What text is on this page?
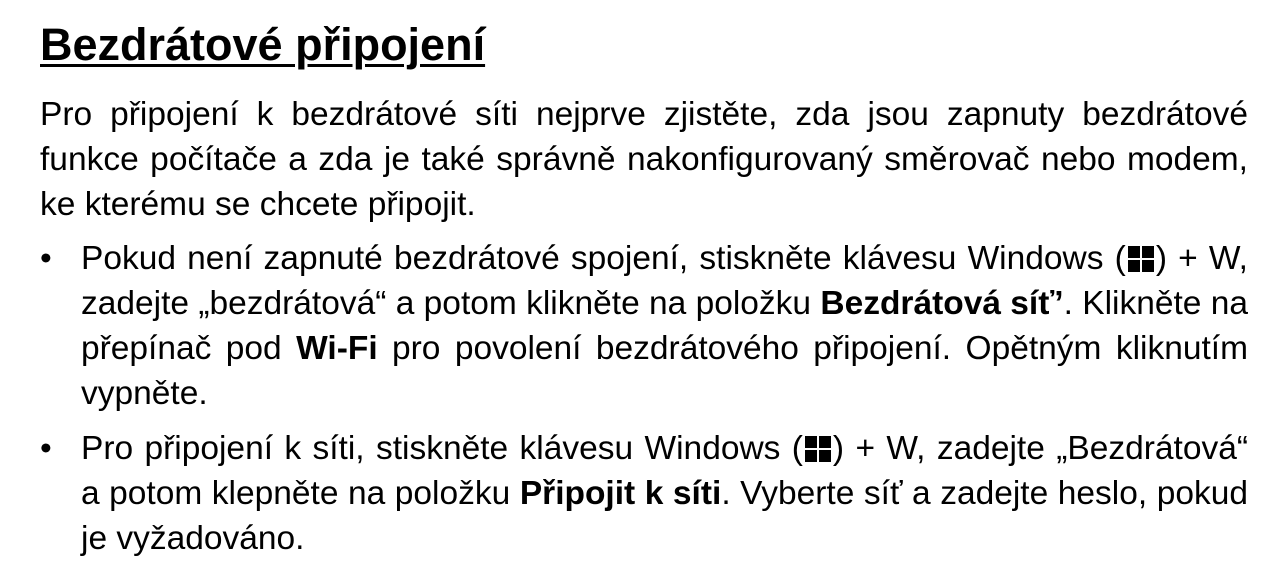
Bezdrátové připojení

Pro připojení k bezdrátové síti nejprve zjistěte, zda jsou zapnuty bezdrátové funkce počítače a zda je také správně nakonfigurovaný směrovač nebo modem, ke kterému se chcete připojit.

• Pokud není zapnuté bezdrátové spojení, stiskněte klávesu Windows ( ) + W, zadejte „bezdrátová“ a potom klikněte na položku Bezdrátová síť’. Klikněte na přepínač pod Wi-Fi pro povolení bezdrátového připojení. Opětným kliknutím vypněte.
• Pro připojení k síti, stiskněte klávesu Windows ( ) + W, zadejte „Bezdrátová“ a potom klepněte na položku Připojit k síti. Vyberte síť a zadejte heslo, pokud je vyžadováno.
